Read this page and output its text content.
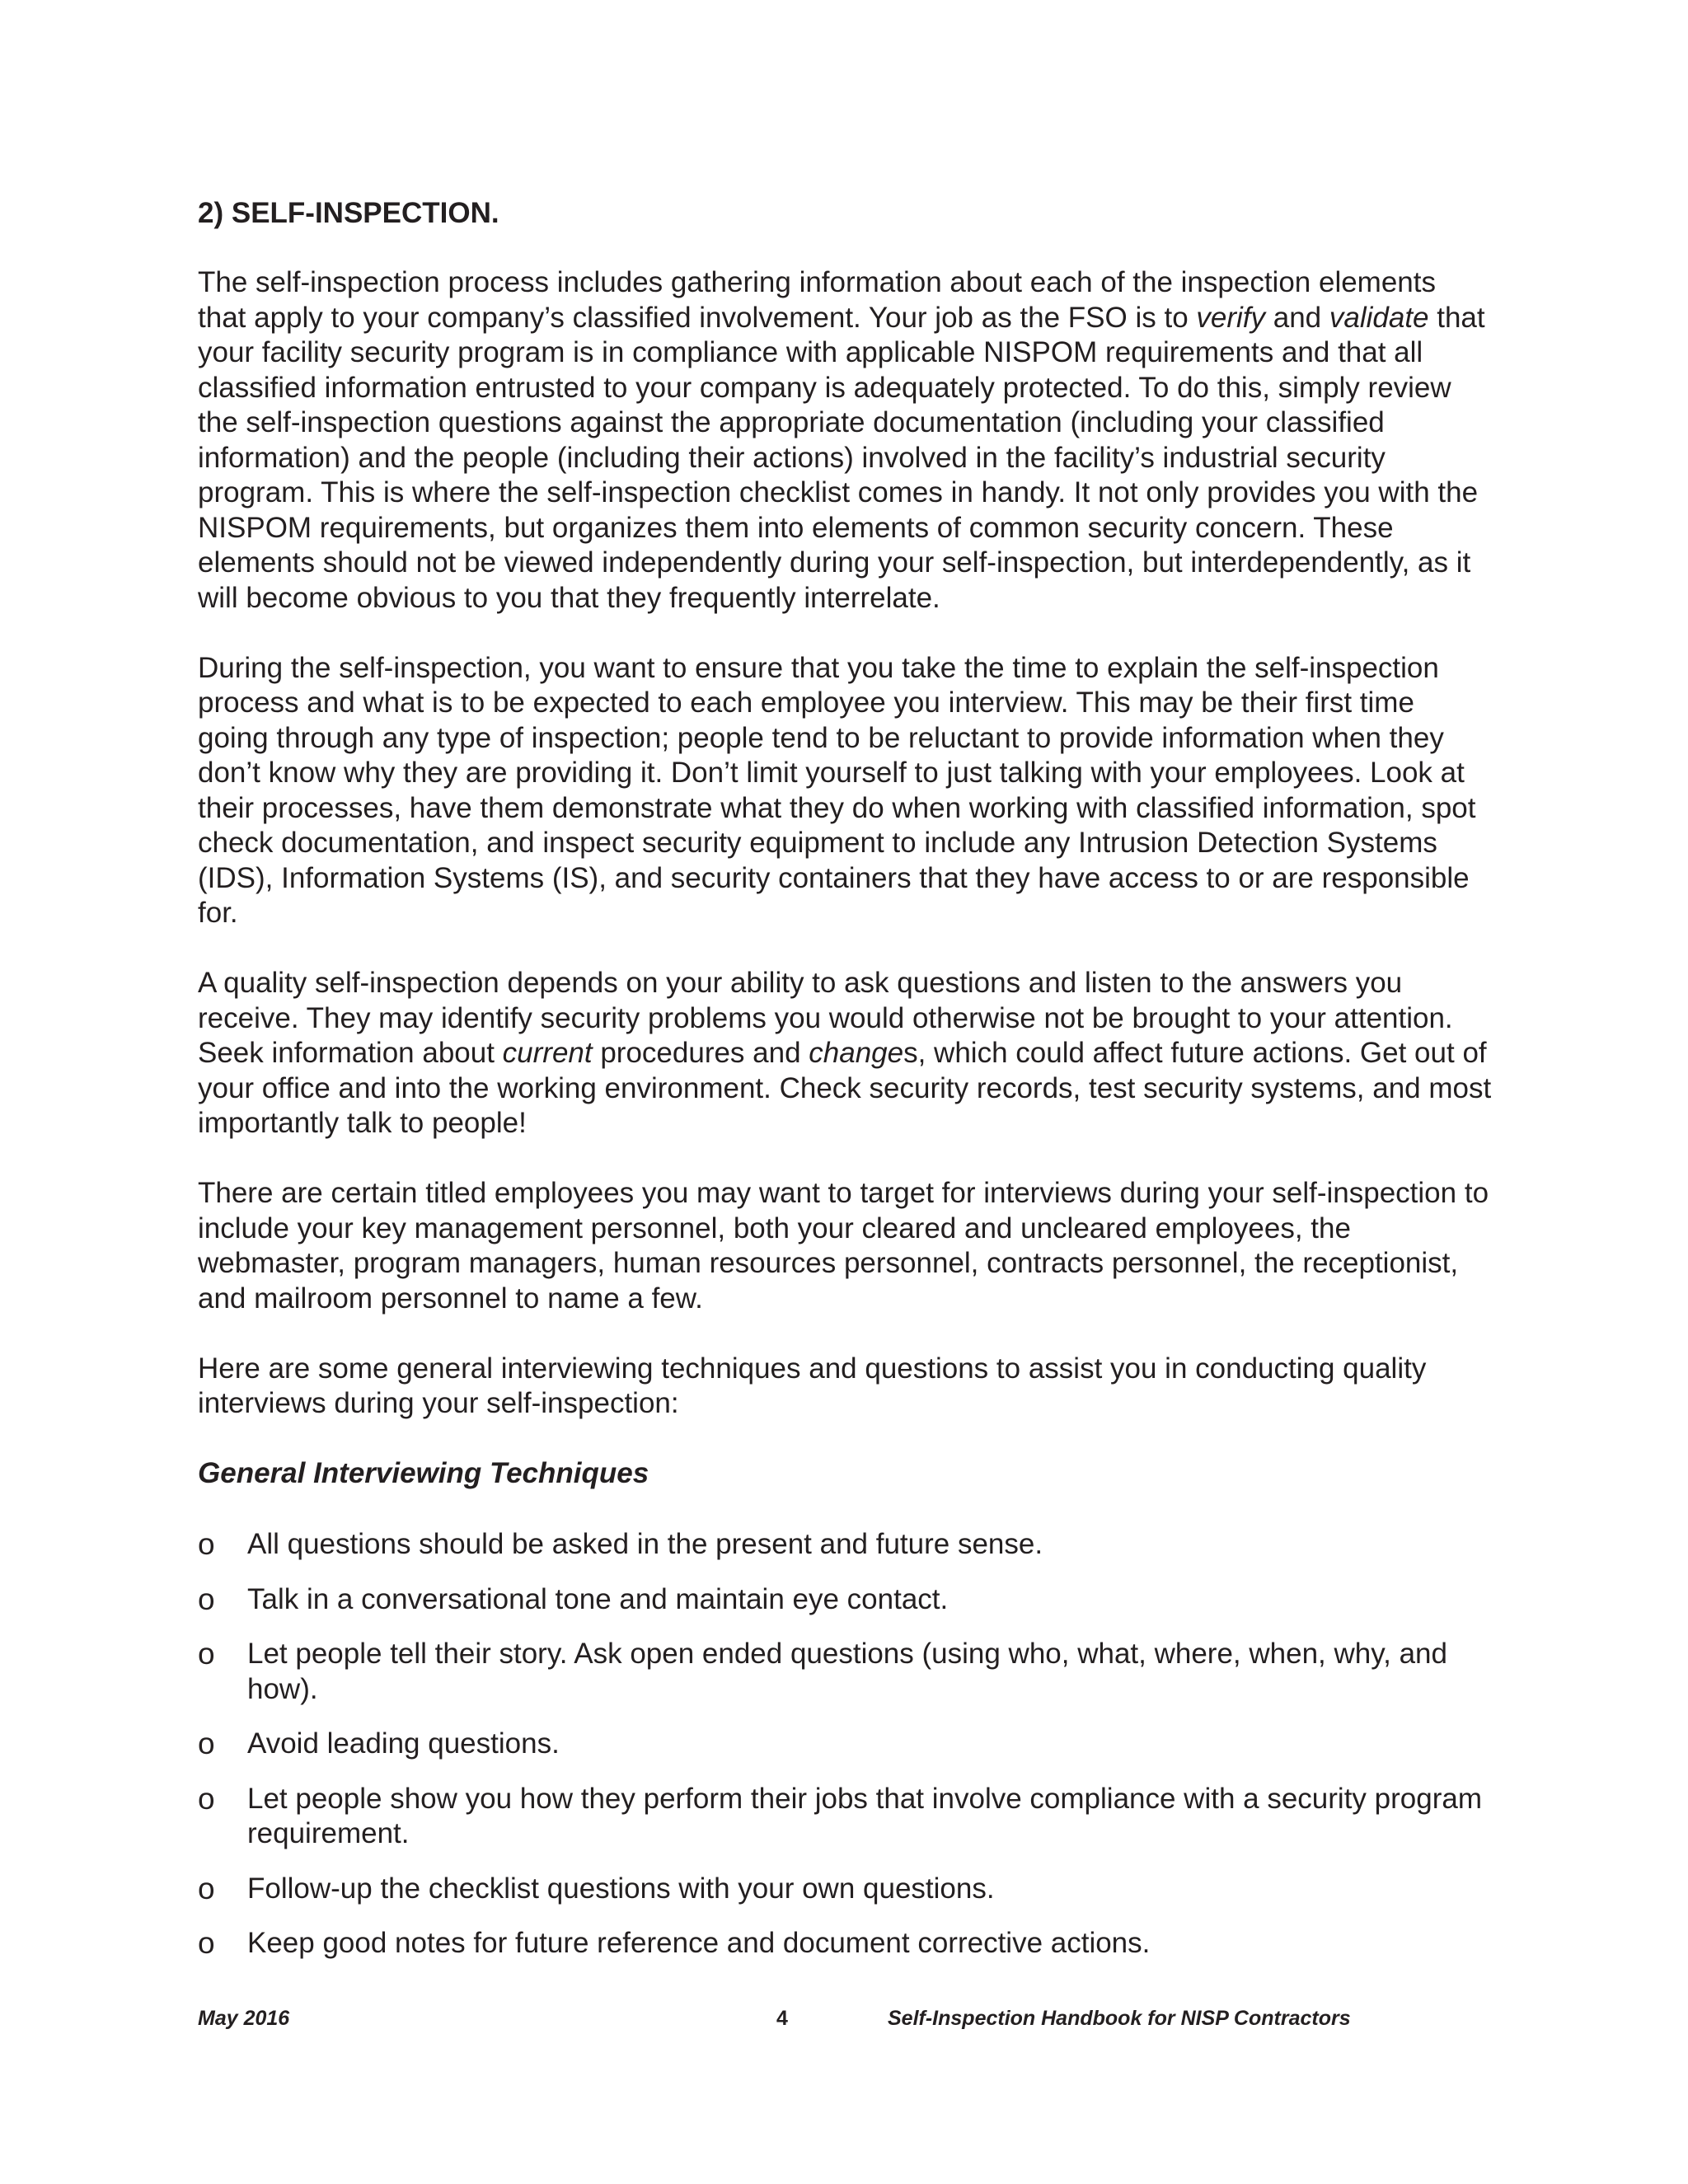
2) SELF-INSPECTION.

The self-inspection process includes gathering information about each of the inspection elements that apply to your company’s classified involvement. Your job as the FSO is to verify and validate that your facility security program is in compliance with applicable NISPOM requirements and that all classified information entrusted to your company is adequately protected. To do this, simply review the self-inspection questions against the appropriate documentation (including your classified information) and the people (including their actions) involved in the facility’s industrial security program. This is where the self-inspection checklist comes in handy. It not only provides you with the NISPOM requirements, but organizes them into elements of common security concern. These elements should not be viewed independently during your self-inspection, but interdependently, as it will become obvious to you that they frequently interrelate.

During the self-inspection, you want to ensure that you take the time to explain the self-inspection process and what is to be expected to each employee you interview. This may be their first time going through any type of inspection; people tend to be reluctant to provide information when they don’t know why they are providing it. Don’t limit yourself to just talking with your employees. Look at their processes, have them demonstrate what they do when working with classified information, spot check documentation, and inspect security equipment to include any Intrusion Detection Systems (IDS), Information Systems (IS), and security containers that they have access to or are responsible for.

A quality self-inspection depends on your ability to ask questions and listen to the answers you receive. They may identify security problems you would otherwise not be brought to your attention. Seek information about current procedures and changes, which could affect future actions. Get out of your office and into the working environment. Check security records, test security systems, and most importantly talk to people!

There are certain titled employees you may want to target for interviews during your self-inspection to include your key management personnel, both your cleared and uncleared employees, the webmaster, program managers, human resources personnel, contracts personnel, the receptionist, and mailroom personnel to name a few.

Here are some general interviewing techniques and questions to assist you in conducting quality interviews during your self-inspection:

General Interviewing Techniques
o All questions should be asked in the present and future sense.
o Talk in a conversational tone and maintain eye contact.
o Let people tell their story. Ask open ended questions (using who, what, where, when, why, and how).
o Avoid leading questions.
o Let people show you how they perform their jobs that involve compliance with a security program requirement.
o Follow-up the checklist questions with your own questions.
o Keep good notes for future reference and document corrective actions.
May 2016	4	Self-Inspection Handbook for NISP Contractors
